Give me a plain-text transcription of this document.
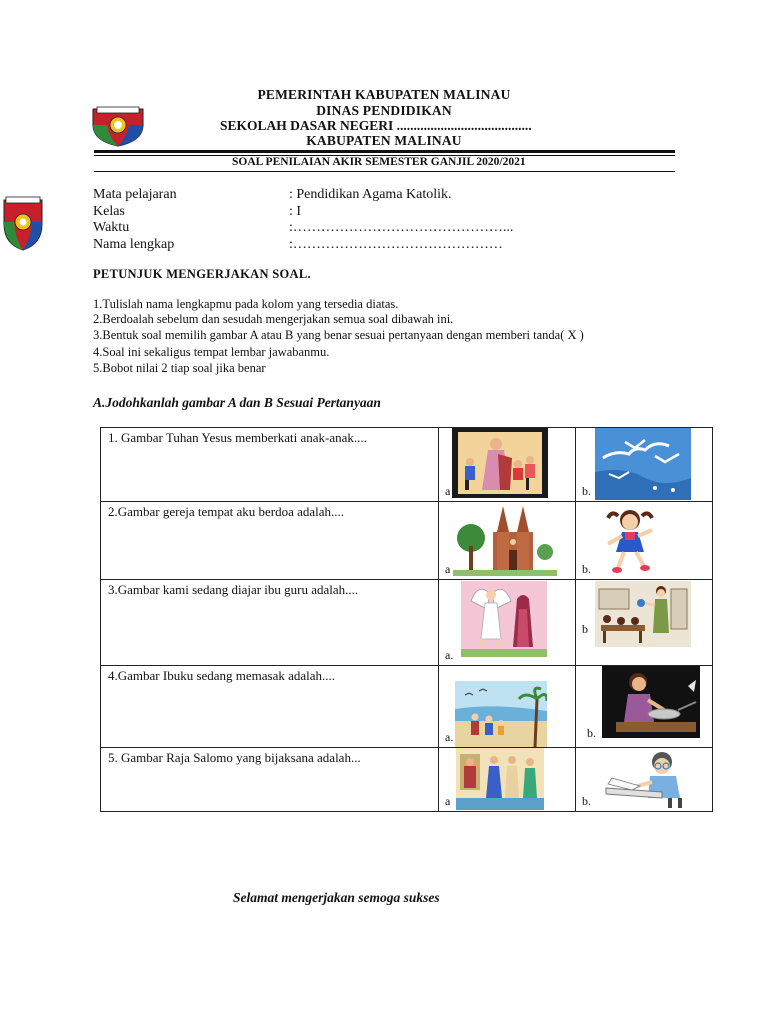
PEMERINTAH KABUPATEN MALINAU
DINAS PENDIDIKAN
SEKOLAH DASAR NEGERI ........................................
KABUPATEN MALINAU
SOAL PENILAIAN AKIR SEMESTER GANJIL 2020/2021
Mata pelajaran	: Pendidikan Agama Katolik.
Kelas	: I
Waktu	:………………………………………...
Nama lengkap	:………………………………………
PETUNJUK MENGERJAKAN SOAL.
1.Tulislah nama lengkapmu pada kolom yang tersedia diatas.
2.Berdoalah sebelum dan sesudah mengerjakan semua soal dibawah ini.
3.Bentuk soal memilih gambar A atau B yang benar sesuai pertanyaan dengan memberi tanda( X )
4.Soal ini sekaligus tempat lembar jawabanmu.
5.Bobot nilai 2 tiap soal jika benar
A.Jodohkanlah gambar A dan B Sesuai Pertanyaan
1. Gambar Tuhan Yesus memberkati anak-anak....	a	b.

2.Gambar gereja tempat aku berdoa adalah....	a	b.

3.Gambar kami sedang diajar ibu guru adalah....	a.	b

4.Gambar Ibuku sedang memasak adalah....	a.	b.

5. Gambar Raja Salomo yang bijaksana adalah...	a	b.
Selamat mengerjakan semoga sukses
